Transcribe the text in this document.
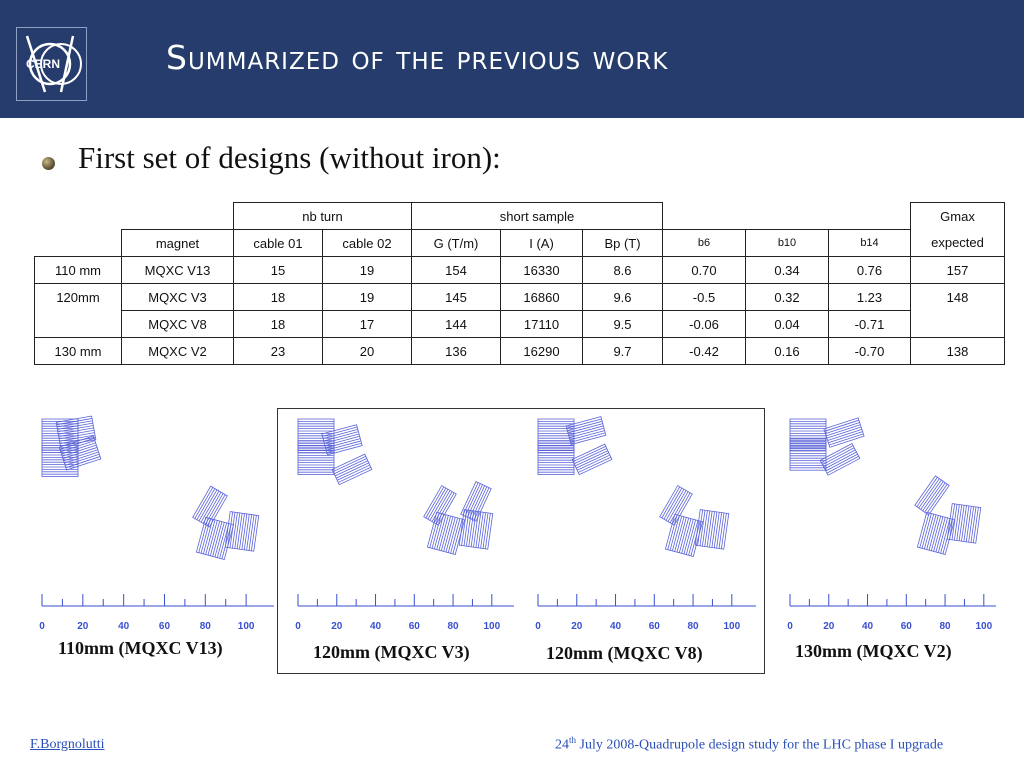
CERN	Summarized of the previous work
First set of designs (without iron):
		nb turn		short sample						Gmax
	magnet	cable 01	cable 02	G (T/m)	I (A)	Bp (T)	b6	b10	b14	expected
110 mm	MQXC V13	15	19	154	16330	8.6	0.70	0.34	0.76	157
120mm	MQXC V3	18	19	145	16860	9.6	-0.5	0.32	1.23	148
	MQXC V8	18	17	144	17110	9.5	-0.06	0.04	-0.71	
130 mm	MQXC V2	23	20	136	16290	9.7	-0.42	0.16	-0.70	138
0	20	40	60	80	100
110mm (MQXC V13)
0	20	40	60	80 100
120mm (MQXC V3)
0	20	40	60	80 100
120mm (MQXC V8)
0	20	40	60	80 100
130mm (MQXC V2)
F.Borgnolutti	24th July 2008-Quadrupole design study for the LHC phase I upgrade
